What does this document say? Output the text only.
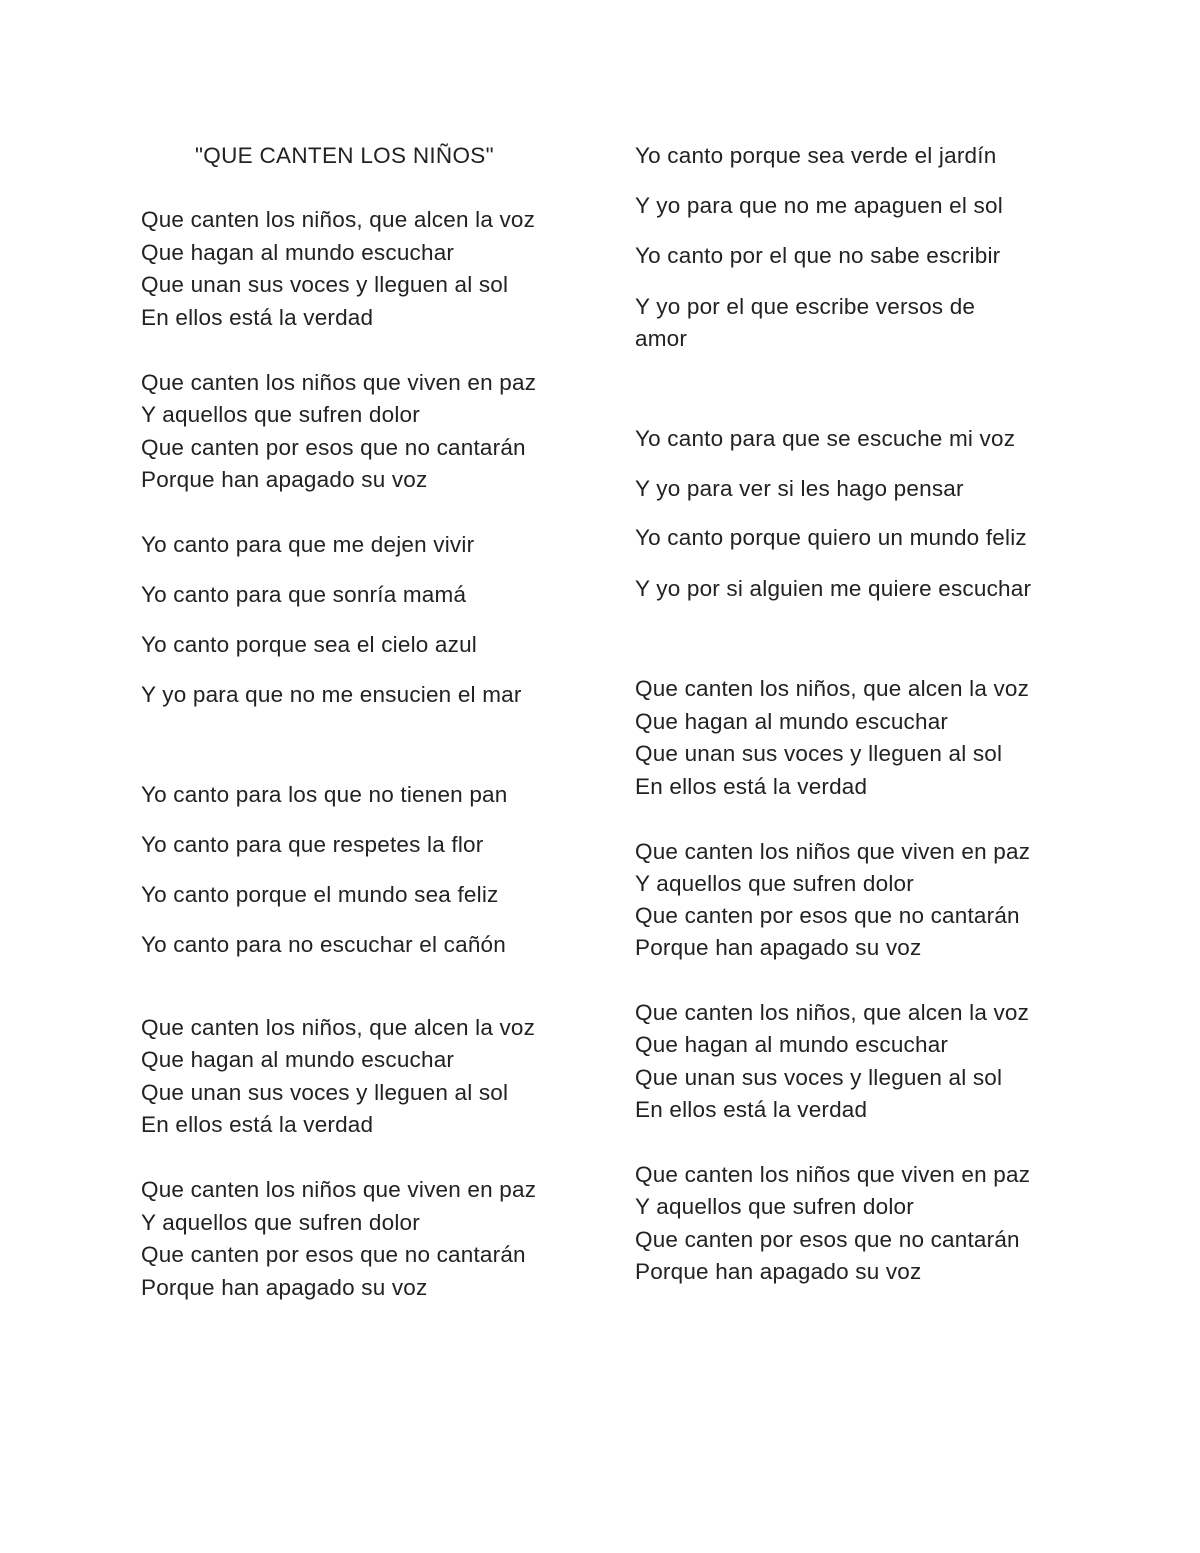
"QUE CANTEN LOS NIÑOS"
Que canten los niños, que alcen la voz
Que hagan al mundo escuchar
Que unan sus voces y lleguen al sol
En ellos está la verdad
Que canten los niños que viven en paz
Y aquellos que sufren dolor
Que canten por esos que no cantarán
Porque han apagado su voz
Yo canto para que me dejen vivir
Yo canto para que sonría mamá
Yo canto porque sea el cielo azul
Y yo para que no me ensucien el mar
Yo canto para los que no tienen pan
Yo canto para que respetes la flor
Yo canto porque el mundo sea feliz
Yo canto para no escuchar el cañón
Que canten los niños, que alcen la voz
Que hagan al mundo escuchar
Que unan sus voces y lleguen al sol
En ellos está la verdad
Que canten los niños que viven en paz
Y aquellos que sufren dolor
Que canten por esos que no cantarán
Porque han apagado su voz
Yo canto porque sea verde el jardín
Y yo para que no me apaguen el sol
Yo canto por el que no sabe escribir
Y yo por el que escribe versos de amor
Yo canto para que se escuche mi voz
Y yo para ver si les hago pensar
Yo canto porque quiero un mundo feliz
Y yo por si alguien me quiere escuchar
Que canten los niños, que alcen la voz
Que hagan al mundo escuchar
Que unan sus voces y lleguen al sol
En ellos está la verdad
Que canten los niños que viven en paz
Y aquellos que sufren dolor
Que canten por esos que no cantarán
Porque han apagado su voz
Que canten los niños, que alcen la voz
Que hagan al mundo escuchar
Que unan sus voces y lleguen al sol
En ellos está la verdad
Que canten los niños que viven en paz
Y aquellos que sufren dolor
Que canten por esos que no cantarán
Porque han apagado su voz
